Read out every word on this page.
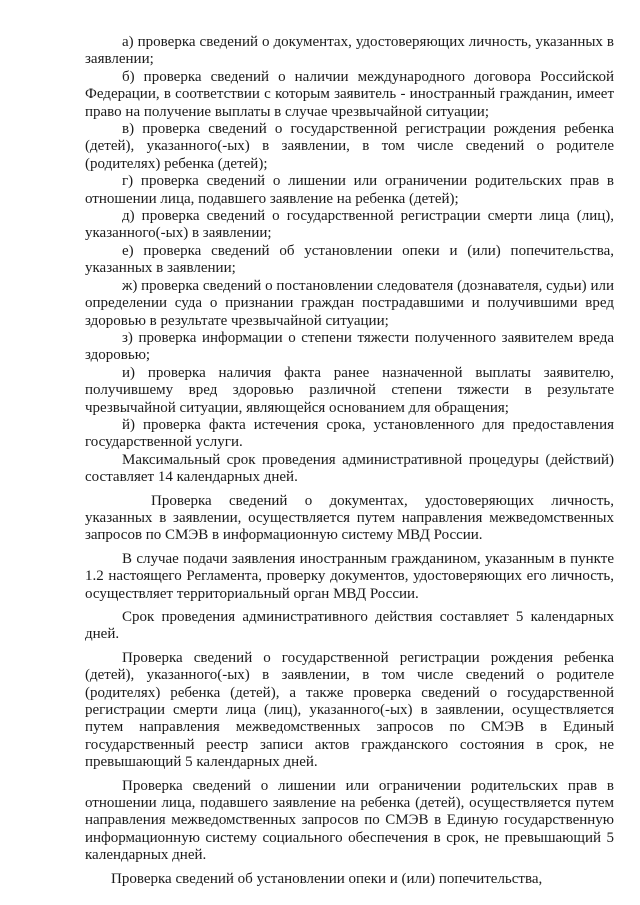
а) проверка сведений о документах, удостоверяющих личность, указанных в заявлении;

б) проверка сведений о наличии международного договора Российской Федерации, в соответствии с которым заявитель - иностранный гражданин, имеет право на получение выплаты в случае чрезвычайной ситуации;

в) проверка сведений о государственной регистрации рождения ребенка (детей), указанного(-ых) в заявлении, в том числе сведений о родителе (родителях) ребенка (детей);

г) проверка сведений о лишении или ограничении родительских прав в отношении лица, подавшего заявление на ребенка (детей);

д) проверка сведений о государственной регистрации смерти лица (лиц), указанного(-ых) в заявлении;

е) проверка сведений об установлении опеки и (или) попечительства, указанных в заявлении;

ж) проверка сведений о постановлении следователя (дознавателя, судьи) или определении суда о признании граждан пострадавшими и получившими вред здоровью в результате чрезвычайной ситуации;

з) проверка информации о степени тяжести полученного заявителем вреда здоровью;

и) проверка наличия факта ранее назначенной выплаты заявителю, получившему вред здоровью различной степени тяжести в результате чрезвычайной ситуации, являющейся основанием для обращения;

й) проверка факта истечения срока, установленного для предоставления государственной услуги.

Максимальный срок проведения административной процедуры (действий) составляет 14 календарных дней.

Проверка сведений о документах, удостоверяющих личность, указанных в заявлении, осуществляется путем направления межведомственных запросов по СМЭВ в информационную систему МВД России.

В случае подачи заявления иностранным гражданином, указанным в пункте 1.2 настоящего Регламента, проверку документов, удостоверяющих его личность, осуществляет территориальный орган МВД России.

Срок проведения административного действия составляет 5 календарных дней.

Проверка сведений о государственной регистрации рождения ребенка (детей), указанного(-ых) в заявлении, в том числе сведений о родителе (родителях) ребенка (детей), а также проверка сведений о государственной регистрации смерти лица (лиц), указанного(-ых) в заявлении, осуществляется путем направления межведомственных запросов по СМЭВ в Единый государственный реестр записи актов гражданского состояния в срок, не превышающий 5 календарных дней.

Проверка сведений о лишении или ограничении родительских прав в отношении лица, подавшего заявление на ребенка (детей), осуществляется путем направления межведомственных запросов по СМЭВ в Единую государственную информационную систему социального обеспечения в срок, не превышающий 5 календарных дней.

Проверка сведений об установлении опеки и (или) попечительства,
